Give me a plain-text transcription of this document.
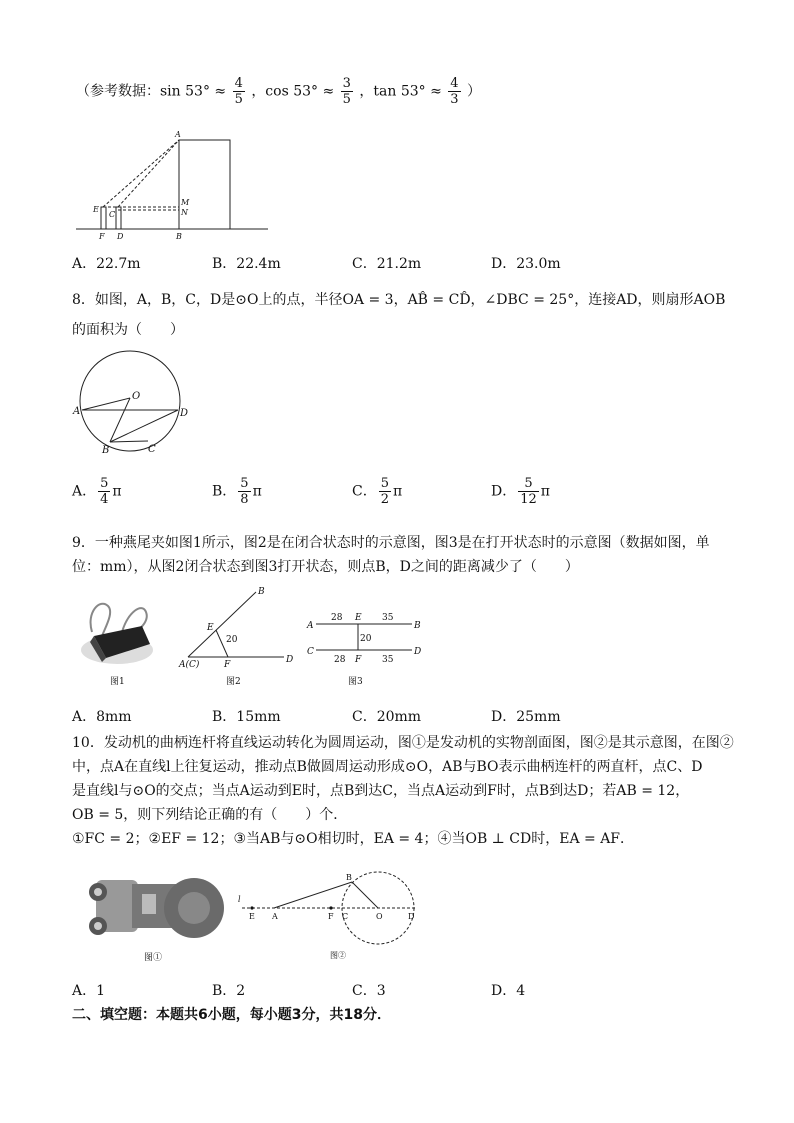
（参考数据：$\sin 53^\circ \approx \frac{4}{5}$ ，$\cos 53^\circ \approx \frac{3}{5}$ ，$\tan 53^\circ \approx \frac{4}{3}$ ）
A
M
N
E
C
F D	B
A．22.7m	B．22.4m	C．21.2m	D．23.0m
8．如图，A，B，C，D是⊙O上的点，半径OA = 3，AB̂ = CD̂，∠DBC = 25°，连接AD，则扇形AOB
的面积为（　　）
O
A	D
B	C
A． $\frac{5}{4}$ π	B． $\frac{5}{8}$ π	C． $\frac{5}{2}$ π	D． $\frac{5}{12}$ π
9．一种燕尾夹如图1所示，图2是在闭合状态时的示意图，图3是在打开状态时的示意图（数据如图，单
位：mm），从图2闭合状态到图3打开状态，则点B，D之间的距离减少了（　　）
图1
B
E
20
A(C)	F	D
图2
A
28 E 35
B
20
C
28 F 35
D
图3
A．8mm	B．15mm	C．20mm	D．25mm
10．发动机的曲柄连杆将直线运动转化为圆周运动，图①是发动机的实物剖面图，图②是其示意图，在图②
中，点A在直线l上往复运动，推动点B做圆周运动形成⊙O，AB与BO表示曲柄连杆的两直杆，点C、D
是直线l与⊙O的交点；当点A运动到E时，点B到达C，当点A运动到F时，点B到达D；若AB = 12，
OB = 5，则下列结论正确的有（　　）个．
①FC = 2；②EF = 12；③当AB与⊙O相切时，EA = 4；④当OB ⊥ CD时，EA = AF．
图①
l
E A	F C	O	D
B
图②
A．1	B．2	C．3	D．4
二、填空题：本题共6小题，每小题3分，共18分．
